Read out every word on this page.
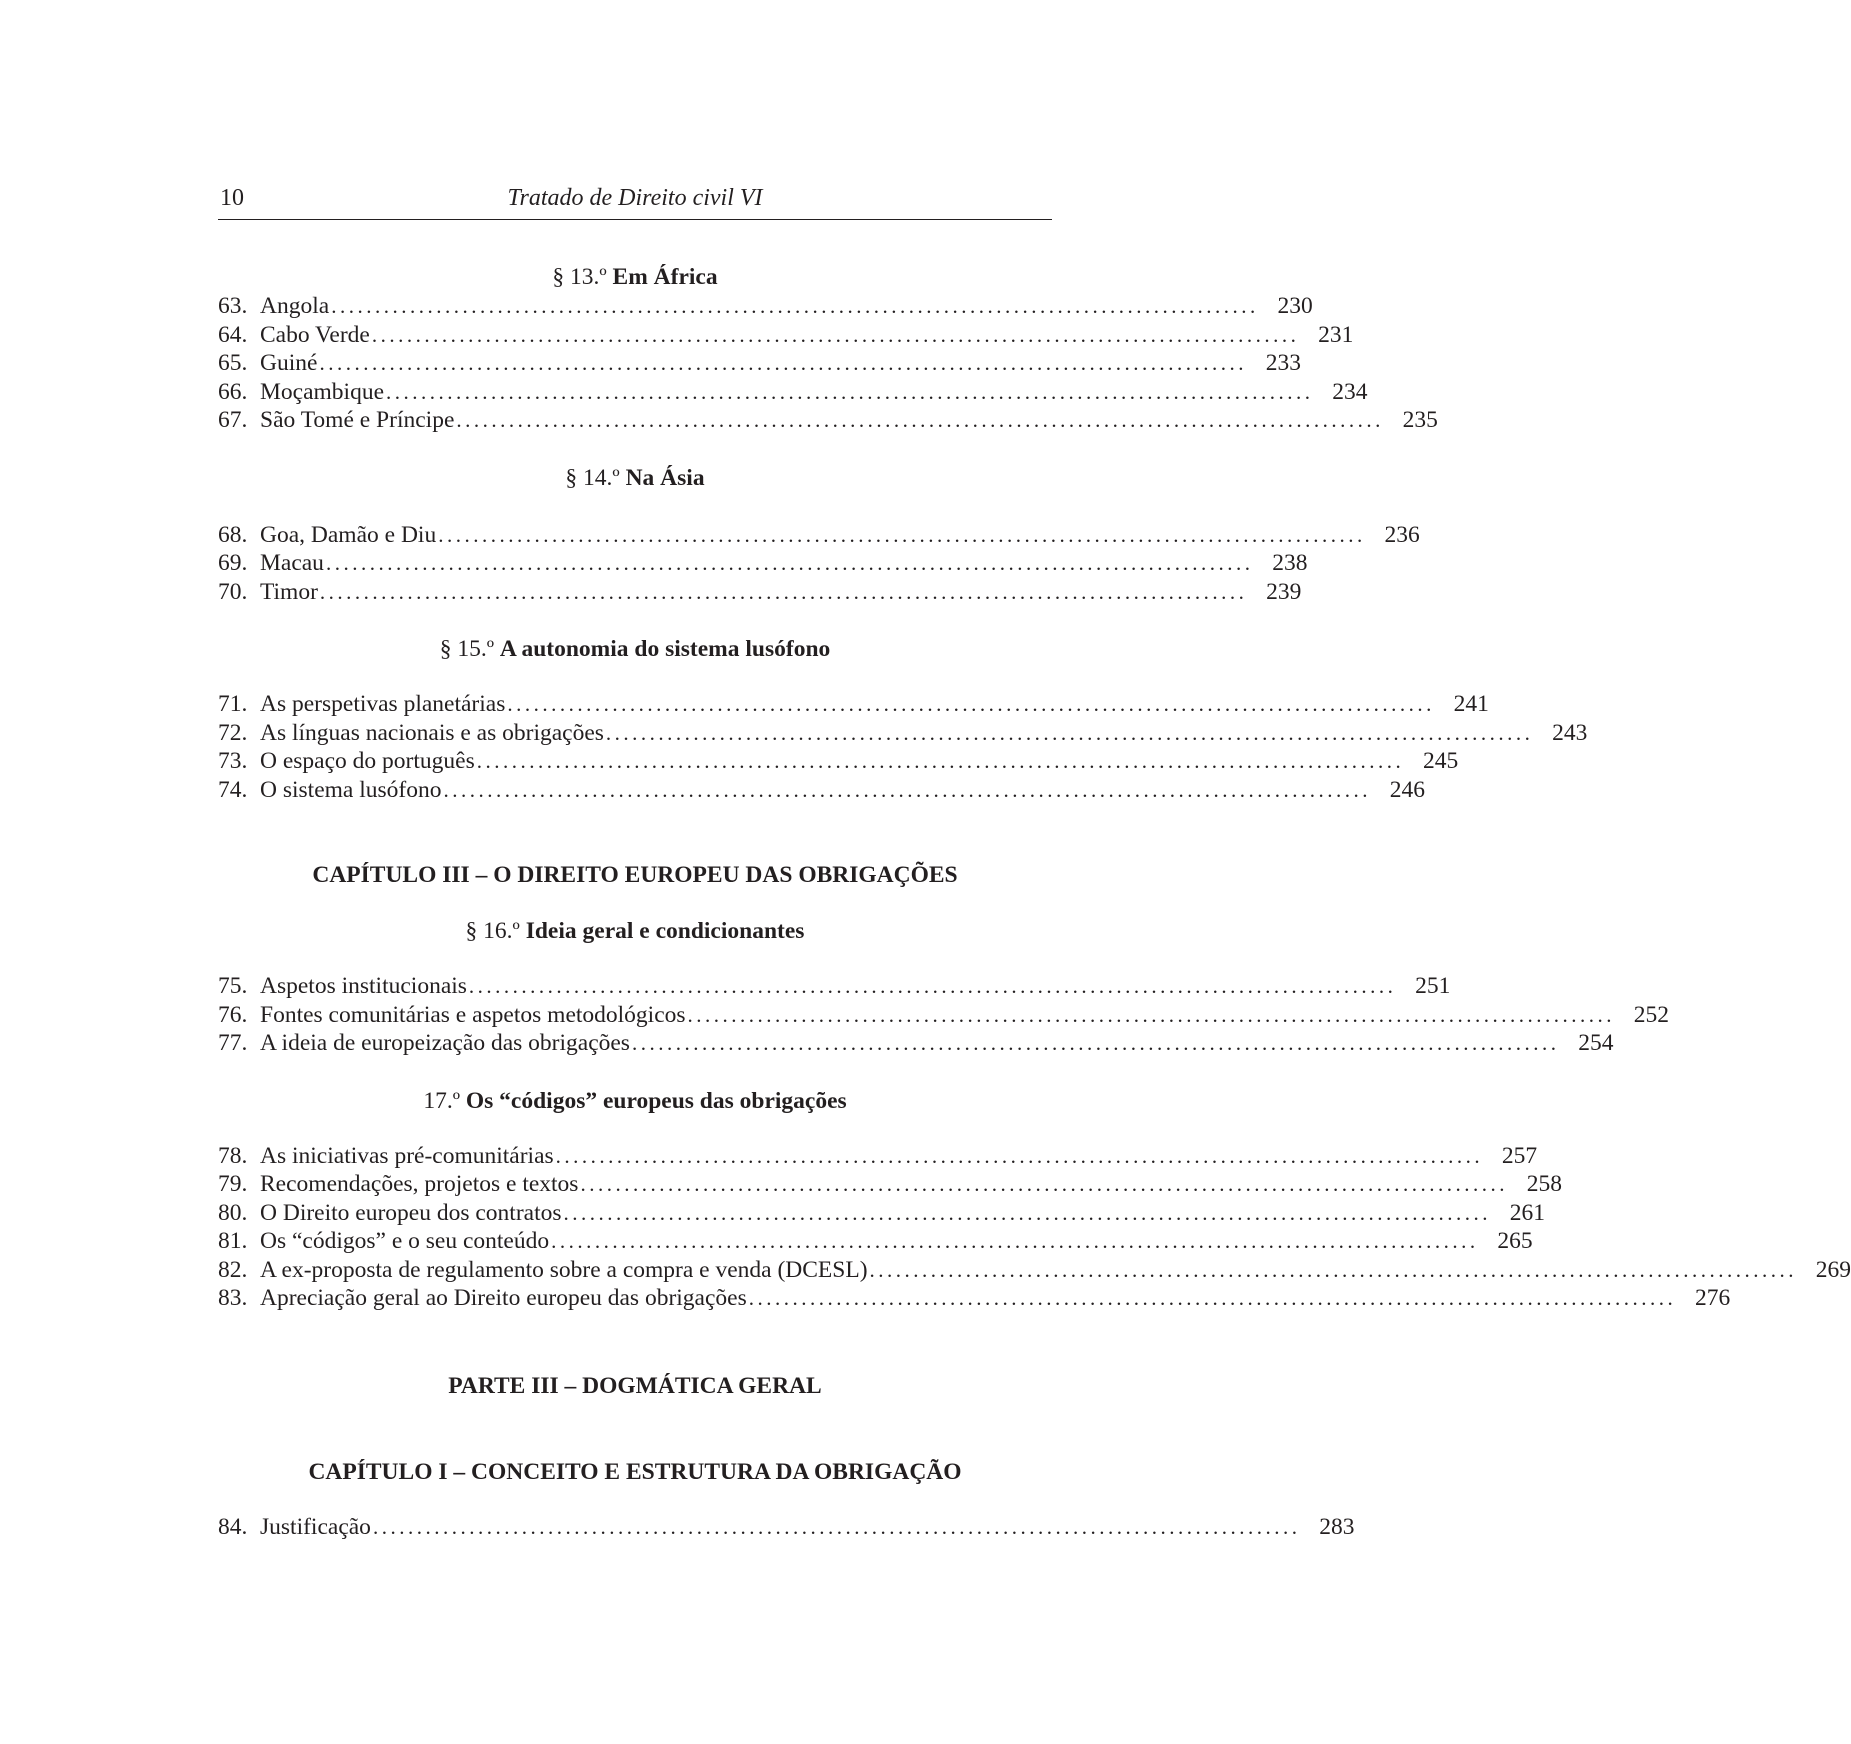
10	Tratado de Direito civil VI
§ 13.º Em África
63. Angola .......................................................................................................... 230
64. Cabo Verde .......................................................................................................... 231
65. Guiné .......................................................................................................... 233
66. Moçambique .......................................................................................................... 234
67. São Tomé e Príncipe .......................................................................................................... 235
§ 14.º Na Ásia
68. Goa, Damão e Diu .......................................................................................................... 236
69. Macau .......................................................................................................... 238
70. Timor .......................................................................................................... 239
§ 15.º A autonomia do sistema lusófono
71. As perspetivas planetárias .......................................................................................................... 241
72. As línguas nacionais e as obrigações .......................................................................................................... 243
73. O espaço do português .......................................................................................................... 245
74. O sistema lusófono .......................................................................................................... 246
CAPÍTULO III – O DIREITO EUROPEU DAS OBRIGAÇÕES
§ 16.º Ideia geral e condicionantes
75. Aspetos institucionais .......................................................................................................... 251
76. Fontes comunitárias e aspetos metodológicos .......................................................................................................... 252
77. A ideia de europeização das obrigações .......................................................................................................... 254
17.º Os “códigos” europeus das obrigações
78. As iniciativas pré-comunitárias .......................................................................................................... 257
79. Recomendações, projetos e textos .......................................................................................................... 258
80. O Direito europeu dos contratos .......................................................................................................... 261
81. Os “códigos” e o seu conteúdo .......................................................................................................... 265
82. A ex-proposta de regulamento sobre a compra e venda (DCESL) .......................................................................................................... 269
83. Apreciação geral ao Direito europeu das obrigações .......................................................................................................... 276
PARTE III – DOGMÁTICA GERAL
CAPÍTULO I – CONCEITO E ESTRUTURA DA OBRIGAÇÃO
84. Justificação .......................................................................................................... 283
